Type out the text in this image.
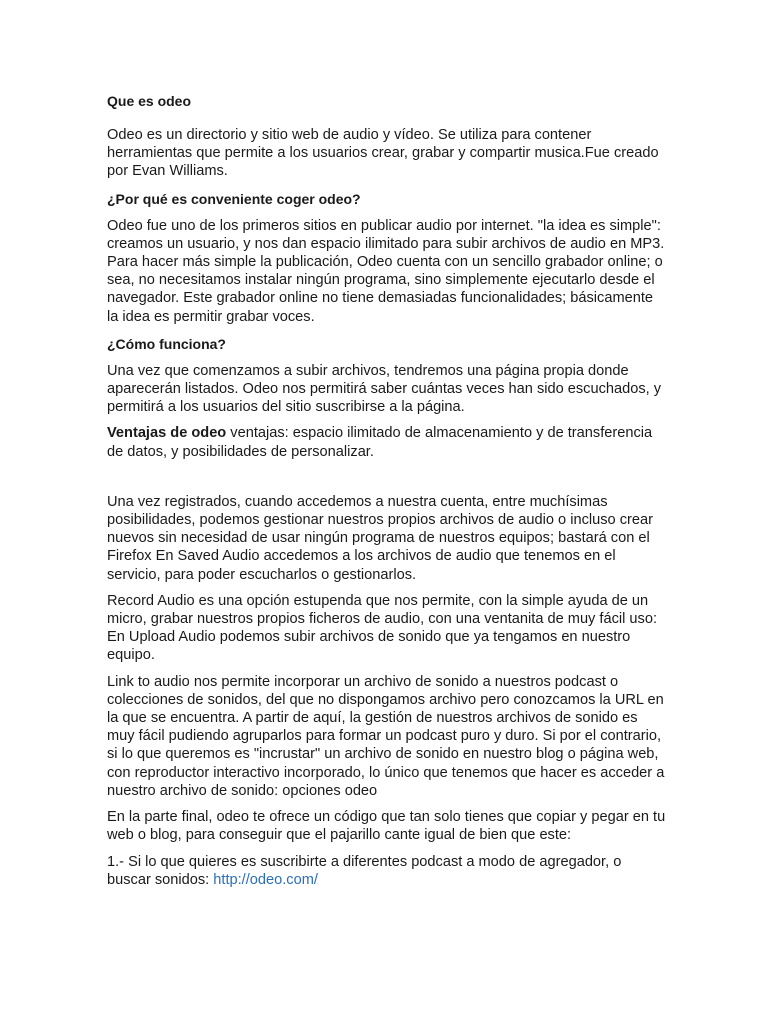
Que es odeo

Odeo es un directorio y sitio web de audio y vídeo. Se utiliza para contener herramientas que permite a los usuarios crear, grabar y compartir musica.Fue creado por Evan Williams.

¿Por qué es conveniente coger odeo?

Odeo fue uno de los primeros sitios en publicar audio por internet. "la idea es simple": creamos un usuario, y nos dan espacio ilimitado para subir archivos de audio en MP3. Para hacer más simple la publicación, Odeo cuenta con un sencillo grabador online; o sea, no necesitamos instalar ningún programa, sino simplemente ejecutarlo desde el navegador. Este grabador online no tiene demasiadas funcionalidades; básicamente la idea es permitir grabar voces.

¿Cómo funciona?

Una vez que comenzamos a subir archivos, tendremos una página propia donde aparecerán listados. Odeo nos permitirá saber cuántas veces han sido escuchados, y permitirá a los usuarios del sitio suscribirse a la página.

Ventajas de odeo ventajas: espacio ilimitado de almacenamiento y de transferencia de datos, y posibilidades de personalizar.

Una vez registrados, cuando accedemos a nuestra cuenta, entre muchísimas posibilidades, podemos gestionar nuestros propios archivos de audio o incluso crear nuevos sin necesidad de usar ningún programa de nuestros equipos; bastará con el Firefox En Saved Audio accedemos a los archivos de audio que tenemos en el servicio, para poder escucharlos o gestionarlos.

Record Audio es una opción estupenda que nos permite, con la simple ayuda de un micro, grabar nuestros propios ficheros de audio, con una ventanita de muy fácil uso: En Upload Audio podemos subir archivos de sonido que ya tengamos en nuestro equipo.

Link to audio nos permite incorporar un archivo de sonido a nuestros podcast o colecciones de sonidos, del que no dispongamos archivo pero conozcamos la URL en la que se encuentra. A partir de aquí, la gestión de nuestros archivos de sonido es muy fácil pudiendo agruparlos para formar un podcast puro y duro. Si por el contrario, si lo que queremos es "incrustar" un archivo de sonido en nuestro blog o página web, con reproductor interactivo incorporado, lo único que tenemos que hacer es acceder a nuestro archivo de sonido: opciones odeo

En la parte final, odeo te ofrece un código que tan solo tienes que copiar y pegar en tu web o blog, para conseguir que el pajarillo cante igual de bien que este:

1.- Si lo que quieres es suscribirte a diferentes podcast a modo de agregador, o buscar sonidos: http://odeo.com/
